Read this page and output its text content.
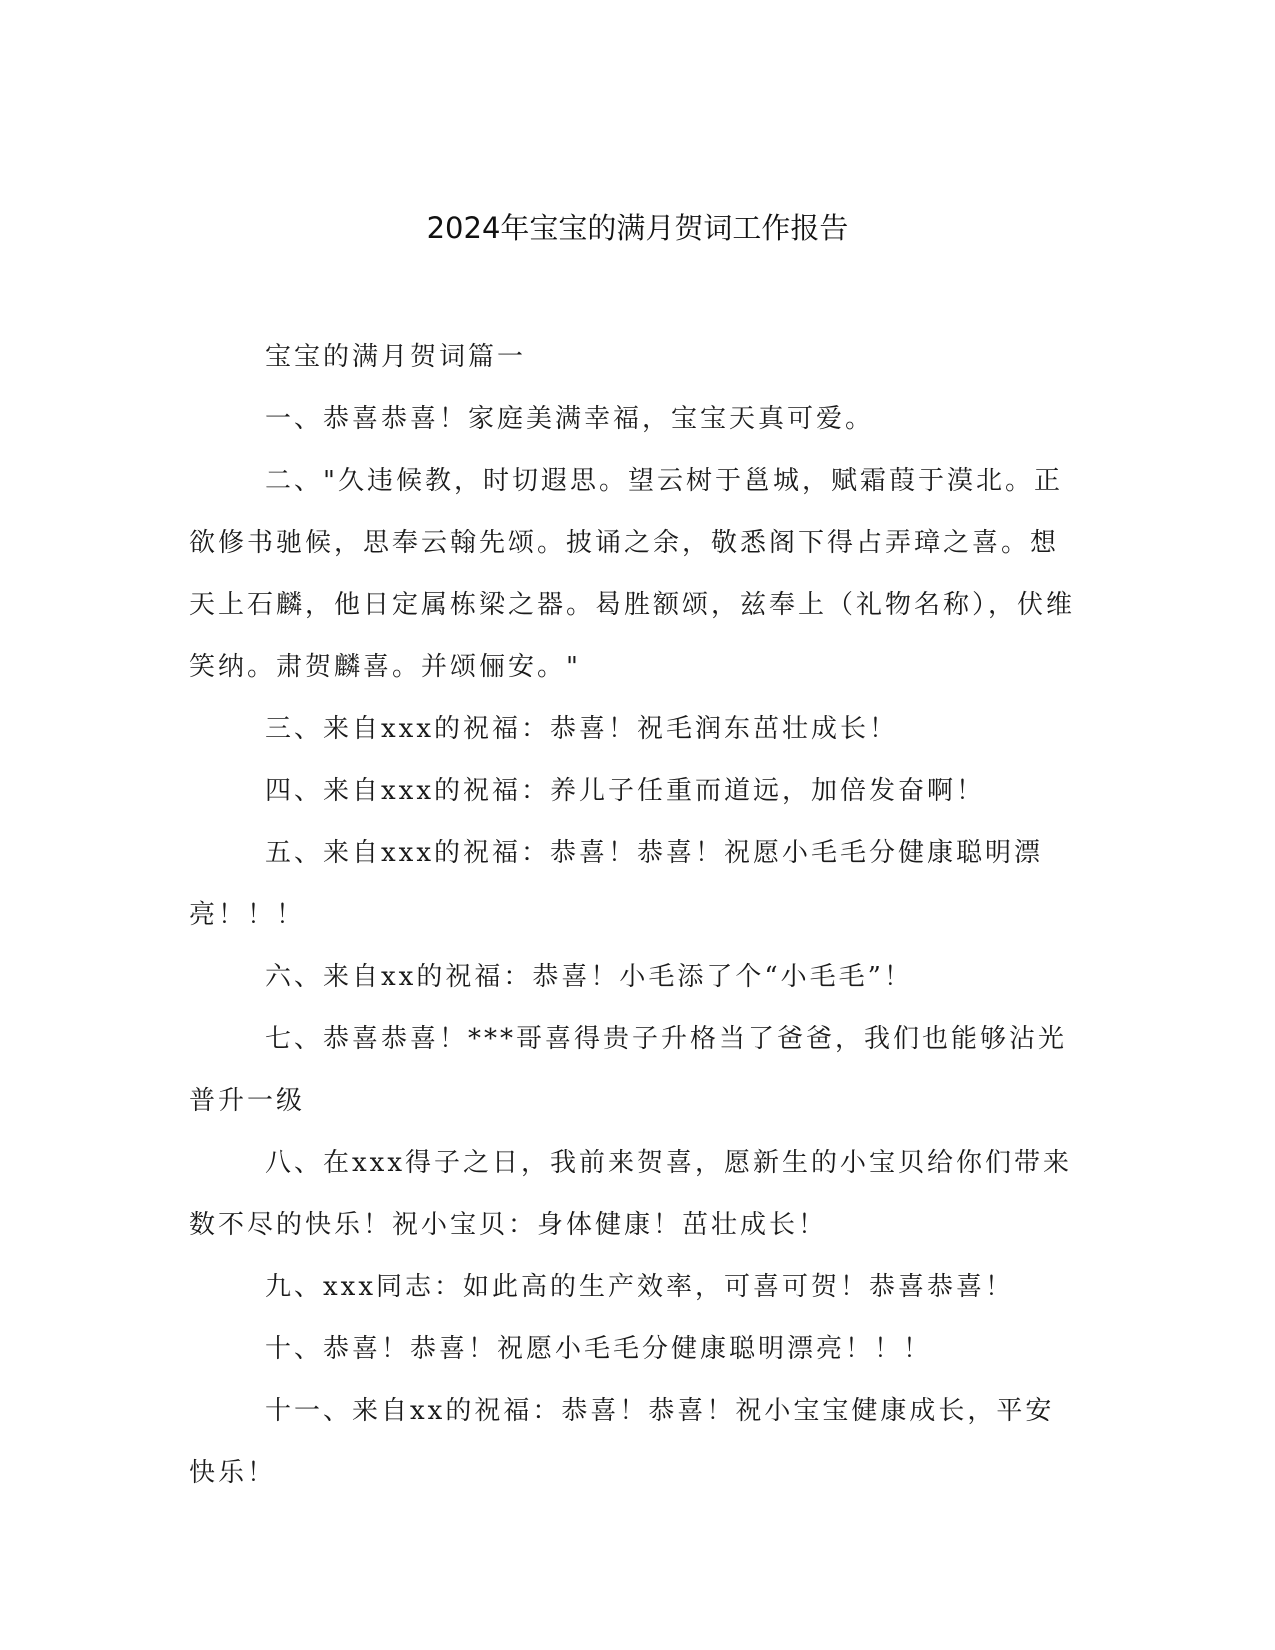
2024年宝宝的满月贺词工作报告

宝宝的满月贺词篇一

一、恭喜恭喜！家庭美满幸福，宝宝天真可爱。

二、"久违候教，时切遐思。望云树于邕城，赋霜葭于漠北。正欲修书驰候，思奉云翰先颂。披诵之余，敬悉阁下得占弄璋之喜。想天上石麟，他日定属栋梁之器。曷胜额颂，兹奉上（礼物名称），伏维笑纳。肃贺麟喜。并颂俪安。"

三、来自xxx的祝福：恭喜！祝毛润东茁壮成长！

四、来自xxx的祝福：养儿子任重而道远，加倍发奋啊！

五、来自xxx的祝福：恭喜！恭喜！祝愿小毛毛分健康聪明漂亮！！！

六、来自xx的祝福：恭喜！小毛添了个“小毛毛”！

七、恭喜恭喜！***哥喜得贵子升格当了爸爸，我们也能够沾光普升一级

八、在xxx得子之日，我前来贺喜，愿新生的小宝贝给你们带来数不尽的快乐！祝小宝贝：身体健康！茁壮成长！

九、xxx同志：如此高的生产效率，可喜可贺！恭喜恭喜！

十、恭喜！恭喜！祝愿小毛毛分健康聪明漂亮！！！

十一、来自xx的祝福：恭喜！恭喜！祝小宝宝健康成长，平安快乐！
